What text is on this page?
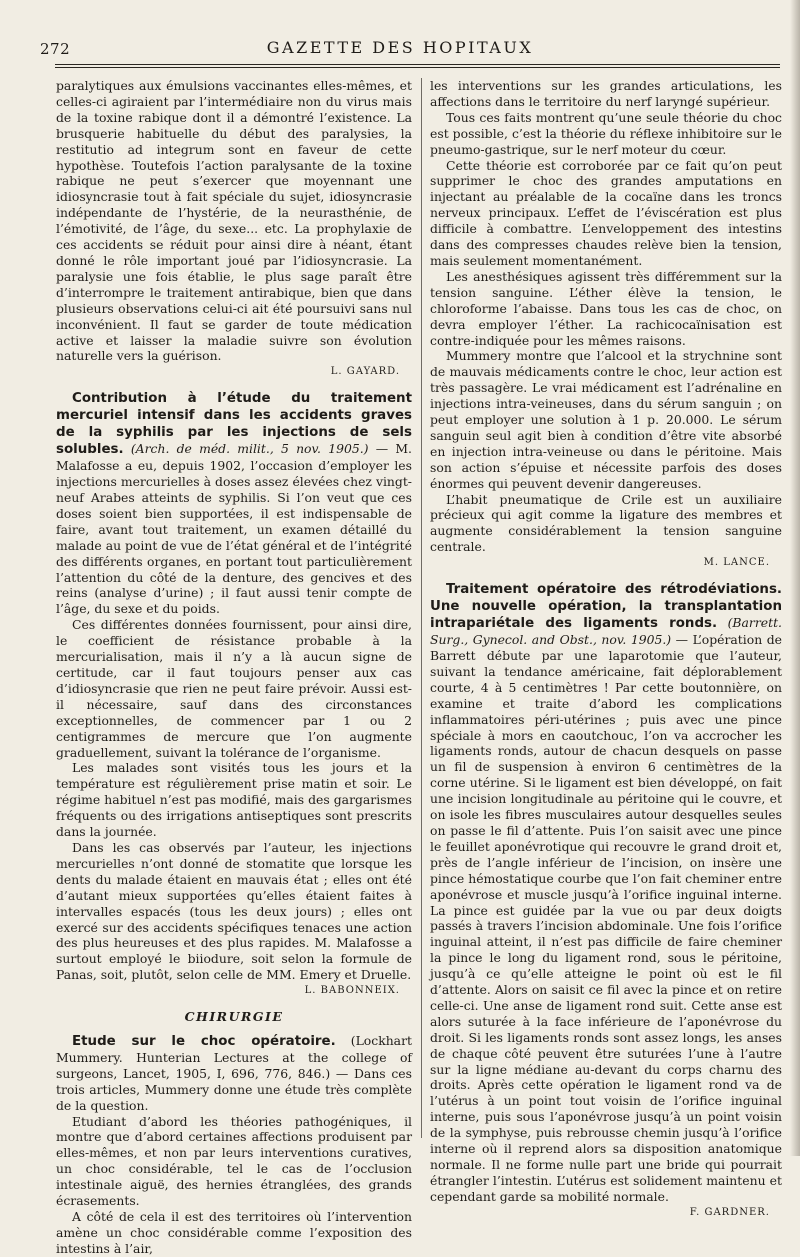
272	GAZETTE DES HOPITAUX

paralytiques aux émulsions vaccinantes elles-mêmes, et celles-ci agiraient par l’intermédiaire non du virus mais de la toxine rabique dont il a démontré l’existence. La brusquerie habituelle du début des paralysies, la restitutio ad integrum sont en faveur de cette hypothèse. Toutefois l’action paralysante de la toxine rabique ne peut s’exercer que moyennant une idiosyncrasie tout à fait spéciale du sujet, idiosyncrasie indépendante de l’hystérie, de la neurasthénie, de l’émotivité, de l’âge, du sexe... etc. La prophylaxie de ces accidents se réduit pour ainsi dire à néant, étant donné le rôle important joué par l’idiosyncrasie. La paralysie une fois établie, le plus sage paraît être d’interrompre le traitement antirabique, bien que dans plusieurs observations celui-ci ait été poursuivi sans nul inconvénient. Il faut se garder de toute médication active et laisser la maladie suivre son évolution naturelle vers la guérison.

L. GAYARD.

Contribution à l’étude du traitement mercuriel intensif dans les accidents graves de la syphilis par les injections de sels solubles. (Arch. de méd. milit., 5 nov. 1905.) — M. Malafosse a eu, depuis 1902, l’occasion d’employer les injections mercurielles à doses assez élevées chez vingt-neuf Arabes atteints de syphilis. Si l’on veut que ces doses soient bien supportées, il est indispensable de faire, avant tout traitement, un examen détaillé du malade au point de vue de l’état général et de l’intégrité des différents organes, en portant tout particulièrement l’attention du côté de la denture, des gencives et des reins (analyse d’urine) ; il faut aussi tenir compte de l’âge, du sexe et du poids.

Ces différentes données fournissent, pour ainsi dire, le coefficient de résistance probable à la mercurialisation, mais il n’y a là aucun signe de certitude, car il faut toujours penser aux cas d’idiosyncrasie que rien ne peut faire prévoir. Aussi est-il nécessaire, sauf dans des circonstances exceptionnelles, de commencer par 1 ou 2 centigrammes de mercure que l’on augmente graduellement, suivant la tolérance de l’organisme.

Les malades sont visités tous les jours et la température est régulièrement prise matin et soir. Le régime habituel n’est pas modifié, mais des gargarismes fréquents ou des irrigations antiseptiques sont prescrits dans la journée.

Dans les cas observés par l’auteur, les injections mercurielles n’ont donné de stomatite que lorsque les dents du malade étaient en mauvais état ; elles ont été d’autant mieux supportées qu’elles étaient faites à intervalles espacés (tous les deux jours) ; elles ont exercé sur des accidents spécifiques tenaces une action des plus heureuses et des plus rapides. M. Malafosse a surtout employé le biiodure, soit selon la formule de Panas, soit, plutôt, selon celle de MM. Emery et Druelle.

L. BABONNEIX.
CHIRURGIE

Etude sur le choc opératoire. (Lockhart Mummery. Hunterian Lectures at the college of surgeons, Lancet, 1905, I, 696, 776, 846.) — Dans ces trois articles, Mummery donne une étude très complète de la question.

Etudiant d’abord les théories pathogéniques, il montre que d’abord certaines affections produisent par elles-mêmes, et non par leurs interventions curatives, un choc considérable, tel le cas de l’occlusion intestinale aiguë, des hernies étranglées, des grands écrasements.

A côté de cela il est des territoires où l’intervention amène un choc considérable comme l’exposition des intestins à l’air,

les interventions sur les grandes articulations, les affections dans le territoire du nerf laryngé supérieur.

Tous ces faits montrent qu’une seule théorie du choc est possible, c’est la théorie du réflexe inhibitoire sur le pneumo-gastrique, sur le nerf moteur du cœur.

Cette théorie est corroborée par ce fait qu’on peut supprimer le choc des grandes amputations en injectant au préalable de la cocaïne dans les troncs nerveux principaux. L’effet de l’éviscération est plus difficile à combattre. L’enveloppement des intestins dans des compresses chaudes relève bien la tension, mais seulement momentanément.

Les anesthésiques agissent très différemment sur la tension sanguine. L’éther élève la tension, le chloroforme l’abaisse. Dans tous les cas de choc, on devra employer l’éther. La rachicocaïnisation est contre-indiquée pour les mêmes raisons.

Mummery montre que l’alcool et la strychnine sont de mauvais médicaments contre le choc, leur action est très passagère. Le vrai médicament est l’adrénaline en injections intra-veineuses, dans du sérum sanguin ; on peut employer une solution à 1 p. 20.000. Le sérum sanguin seul agit bien à condition d’être vite absorbé en injection intra-veineuse ou dans le péritoine. Mais son action s’épuise et nécessite parfois des doses énormes qui peuvent devenir dangereuses.

L’habit pneumatique de Crile est un auxiliaire précieux qui agit comme la ligature des membres et augmente considérablement la tension sanguine centrale.

M. LANCE.

Traitement opératoire des rétrodéviations. Une nouvelle opération, la transplantation intrapariétale des ligaments ronds. (Barrett. Surg., Gynecol. and Obst., nov. 1905.) — L’opération de Barrett débute par une laparotomie que l’auteur, suivant la tendance américaine, fait déplorablement courte, 4 à 5 centimètres ! Par cette boutonnière, on examine et traite d’abord les complications inflammatoires péri-utérines ; puis avec une pince spéciale à mors en caoutchouc, l’on va accrocher les ligaments ronds, autour de chacun desquels on passe un fil de suspension à environ 6 centimètres de la corne utérine. Si le ligament est bien développé, on fait une incision longitudinale au péritoine qui le couvre, et on isole les fibres musculaires autour desquelles seules on passe le fil d’attente. Puis l’on saisit avec une pince le feuillet aponévrotique qui recouvre le grand droit et, près de l’angle inférieur de l’incision, on insère une pince hémostatique courbe que l’on fait cheminer entre aponévrose et muscle jusqu’à l’orifice inguinal interne. La pince est guidée par la vue ou par deux doigts passés à travers l’incision abdominale. Une fois l’orifice inguinal atteint, il n’est pas difficile de faire cheminer la pince le long du ligament rond, sous le péritoine, jusqu’à ce qu’elle atteigne le point où est le fil d’attente. Alors on saisit ce fil avec la pince et on retire celle-ci. Une anse de ligament rond suit. Cette anse est alors suturée à la face inférieure de l’aponévrose du droit. Si les ligaments ronds sont assez longs, les anses de chaque côté peuvent être suturées l’une à l’autre sur la ligne médiane au-devant du corps charnu des droits. Après cette opération le ligament rond va de l’utérus à un point tout voisin de l’orifice inguinal interne, puis sous l’aponévrose jusqu’à un point voisin de la symphyse, puis rebrousse chemin jusqu’à l’orifice interne où il reprend alors sa disposition anatomique normale. Il ne forme nulle part une bride qui pourrait étrangler l’intestin. L’utérus est solidement maintenu et cependant garde sa mobilité normale.

F. GARDNER.
